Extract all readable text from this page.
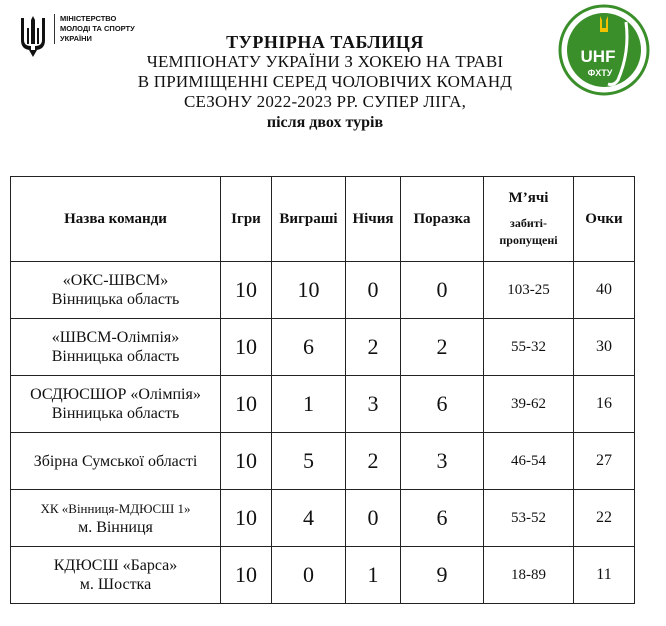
МІНІСТЕРСТВО
МОЛОДІ ТА СПОРТУ
УКРАЇНИ
UHF
ФХТУ
ТУРНІРНА ТАБЛИЦЯ
ЧЕМПІОНАТУ УКРАЇНИ З ХОКЕЮ НА ТРАВІ
В ПРИМІЩЕННІ СЕРЕД ЧОЛОВІЧИХ КОМАНД
СЕЗОНУ 2022-2023 РР. СУПЕР ЛІГА,
після двох турів
Назва команди	Ігри	Виграші	Нічия	Поразка	М’ячі
забиті-пропущені	Очки

«ОКС-ШВСМ»
Вінницька область	10	10	0	0	103-25	40

«ШВСМ-Олімпія»
Вінницька область	10	6	2	2	55-32	30

ОСДЮСШОР «Олімпія»
Вінницька область	10	1	3	6	39-62	16

Збірна Сумської області	10	5	2	3	46-54	27

ХК «Вінниця-МДЮСШ 1»
м. Вінниця	10	4	0	6	53-52	22

КДЮСШ «Барса»
м. Шостка	10	0	1	9	18-89	11
